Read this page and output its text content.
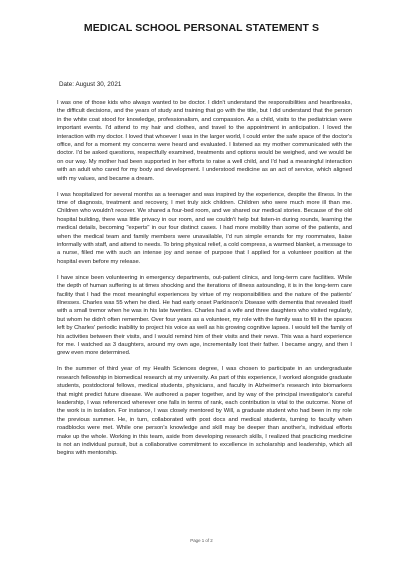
MEDICAL SCHOOL PERSONAL STATEMENT S
Date: August 30, 2021

I was one of those kids who always wanted to be doctor. I didn't understand the responsibilities and heartbreaks, the difficult decisions, and the years of study and training that go with the title, but I did understand that the person in the white coat stood for knowledge, professionalism, and compassion. As a child, visits to the pediatrician were important events. I'd attend to my hair and clothes, and travel to the appointment in anticipation. I loved the interaction with my doctor. I loved that whoever I was in the larger world, I could enter the safe space of the doctor's office, and for a moment my concerns were heard and evaluated. I listened as my mother communicated with the doctor. I'd be asked questions, respectfully examined, treatments and options would be weighed, and we would be on our way. My mother had been supported in her efforts to raise a well child, and I'd had a meaningful interaction with an adult who cared for my body and development. I understood medicine as an act of service, which aligned with my values, and became a dream.

I was hospitalized for several months as a teenager and was inspired by the experience, despite the illness. In the time of diagnosis, treatment and recovery, I met truly sick children. Children who were much more ill than me. Children who wouldn't recover. We shared a four-bed room, and we shared our medical stories. Because of the old hospital building, there was little privacy in our room, and we couldn't help but listen-in during rounds, learning the medical details, becoming "experts" in our four distinct cases. I had more mobility than some of the patients, and when the medical team and family members were unavailable, I'd run simple errands for my roommates, liaise informally with staff, and attend to needs. To bring physical relief, a cold compress, a warmed blanket, a message to a nurse, filled me with such an intense joy and sense of purpose that I applied for a volunteer position at the hospital even before my release.

I have since been volunteering in emergency departments, out-patient clinics, and long-term care facilities. While the depth of human suffering is at times shocking and the iterations of illness astounding, it is in the long-term care facility that I had the most meaningful experiences by virtue of my responsibilities and the nature of the patients' illnesses. Charles was 55 when he died. He had early onset Parkinson's Disease with dementia that revealed itself with a small tremor when he was in his late twenties. Charles had a wife and three daughters who visited regularly, but whom he didn't often remember. Over four years as a volunteer, my role with the family was to fill in the spaces left by Charles' periodic inability to project his voice as well as his growing cognitive lapses. I would tell the family of his activities between their visits, and I would remind him of their visits and their news. This was a hard experience for me. I watched as 3 daughters, around my own age, incrementally lost their father. I became angry, and then I grew even more determined.

In the summer of third year of my Health Sciences degree, I was chosen to participate in an undergraduate research fellowship in biomedical research at my university. As part of this experience, I worked alongside graduate students, postdoctoral fellows, medical students, physicians, and faculty in Alzheimer's research into biomarkers that might predict future disease. We authored a paper together, and by way of the principal investigator's careful leadership, I was referenced wherever one falls in terms of rank, each contribution is vital to the outcome. None of the work is in isolation. For instance, I was closely mentored by Will, a graduate student who had been in my role the previous summer. He, in turn, collaborated with post docs and medical students, turning to faculty when roadblocks were met. While one person's knowledge and skill may be deeper than another's, individual efforts make up the whole. Working in this team, aside from developing research skills, I realized that practicing medicine is not an individual pursuit, but a collaborative commitment to excellence in scholarship and leadership, which all begins with mentorship.

Page 1 of 2
